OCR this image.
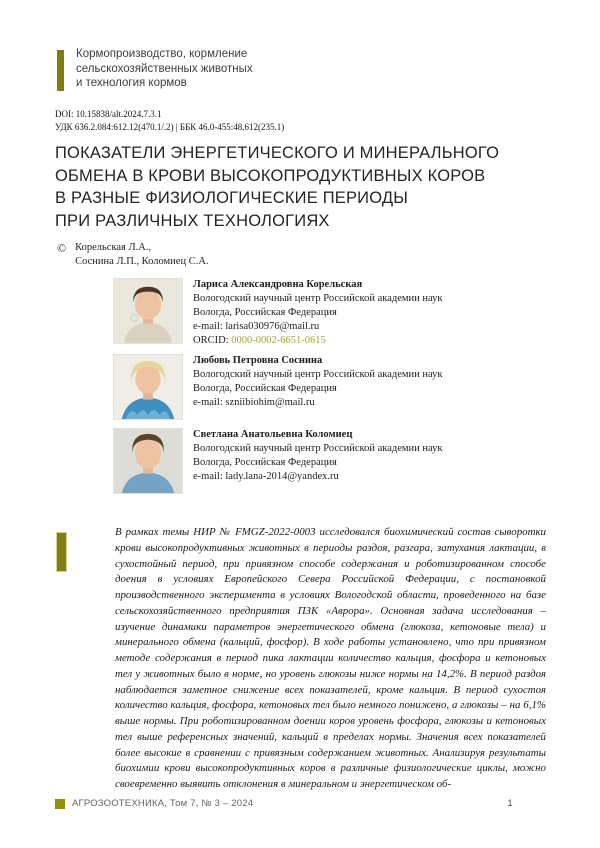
Кормопроизводство, кормление
сельскохозяйственных животных
и технология кормов
DOI: 10.15838/alt.2024.7.3.1
УДК 636.2.084:612.12(470.1/.2) | ББК 46.0-455:48.612(235.1)
ПОКАЗАТЕЛИ ЭНЕРГЕТИЧЕСКОГО И МИНЕРАЛЬНОГО
ОБМЕНА В КРОВИ ВЫСОКОПРОДУКТИВНЫХ КОРОВ
В РАЗНЫЕ ФИЗИОЛОГИЧЕСКИЕ ПЕРИОДЫ
ПРИ РАЗЛИЧНЫХ ТЕХНОЛОГИЯХ
© Корельская Л.А.,
Соснина Л.П., Коломиец С.А.
Лариса Александровна Корельская
Вологодский научный центр Российской академии наук
Вологда, Российская Федерация
e-mail: larisa030976@mail.ru
ORCID: 0000-0002-6651-0615
Любовь Петровна Соснина
Вологодский научный центр Российской академии наук
Вологда, Российская Федерация
e-mail: szniibiohim@mail.ru
Светлана Анатольевна Коломиец
Вологодский научный центр Российской академии наук
Вологда, Российская Федерация
e-mail: lady.lana-2014@yandex.ru

В рамках темы НИР № FMGZ-2022-0003 исследовался биохимический состав сыворотки крови высокопродуктивных животных в периоды раздоя, разгара, затухания лактации, в сухостойный период, при привязном способе содержания и роботизированном способе доения в условиях Европейского Севера Российской Федерации, с постановкой производственного эксперимента в условиях Вологодской области, проведенного на базе сельскохозяйственного предприятия ПЗК «Аврора». Основная задача исследования – изучение динамики параметров энергетического обмена (глюкоза, кетоновые тела) и минерального обмена (кальций, фосфор). В ходе работы установлено, что при привязном методе содержания в период пика лактации количество кальция, фосфора и кетоновых тел у животных было в норме, но уровень глюкозы ниже нормы на 14,2%. В период раздоя наблюдается заметное снижение всех показателей, кроме кальция. В период сухостоя количество кальция, фосфора, кетоновых тел было немного понижено, а глюкозы – на 6,1% выше нормы. При роботизированном доении коров уровень фосфора, глюкозы и кетоновых тел выше референсных значений, кальций в пределах нормы. Значения всех показателей более высокие в сравнении с привязным содержанием животных. Анализируя результаты биохимии крови высокопродуктивных коров в различные физиологические циклы, можно своевременно выявить отклонения в минеральном и энергетическом об-

АГРОЗООТЕХНИКА, Том 7, № 3 – 2024	1
